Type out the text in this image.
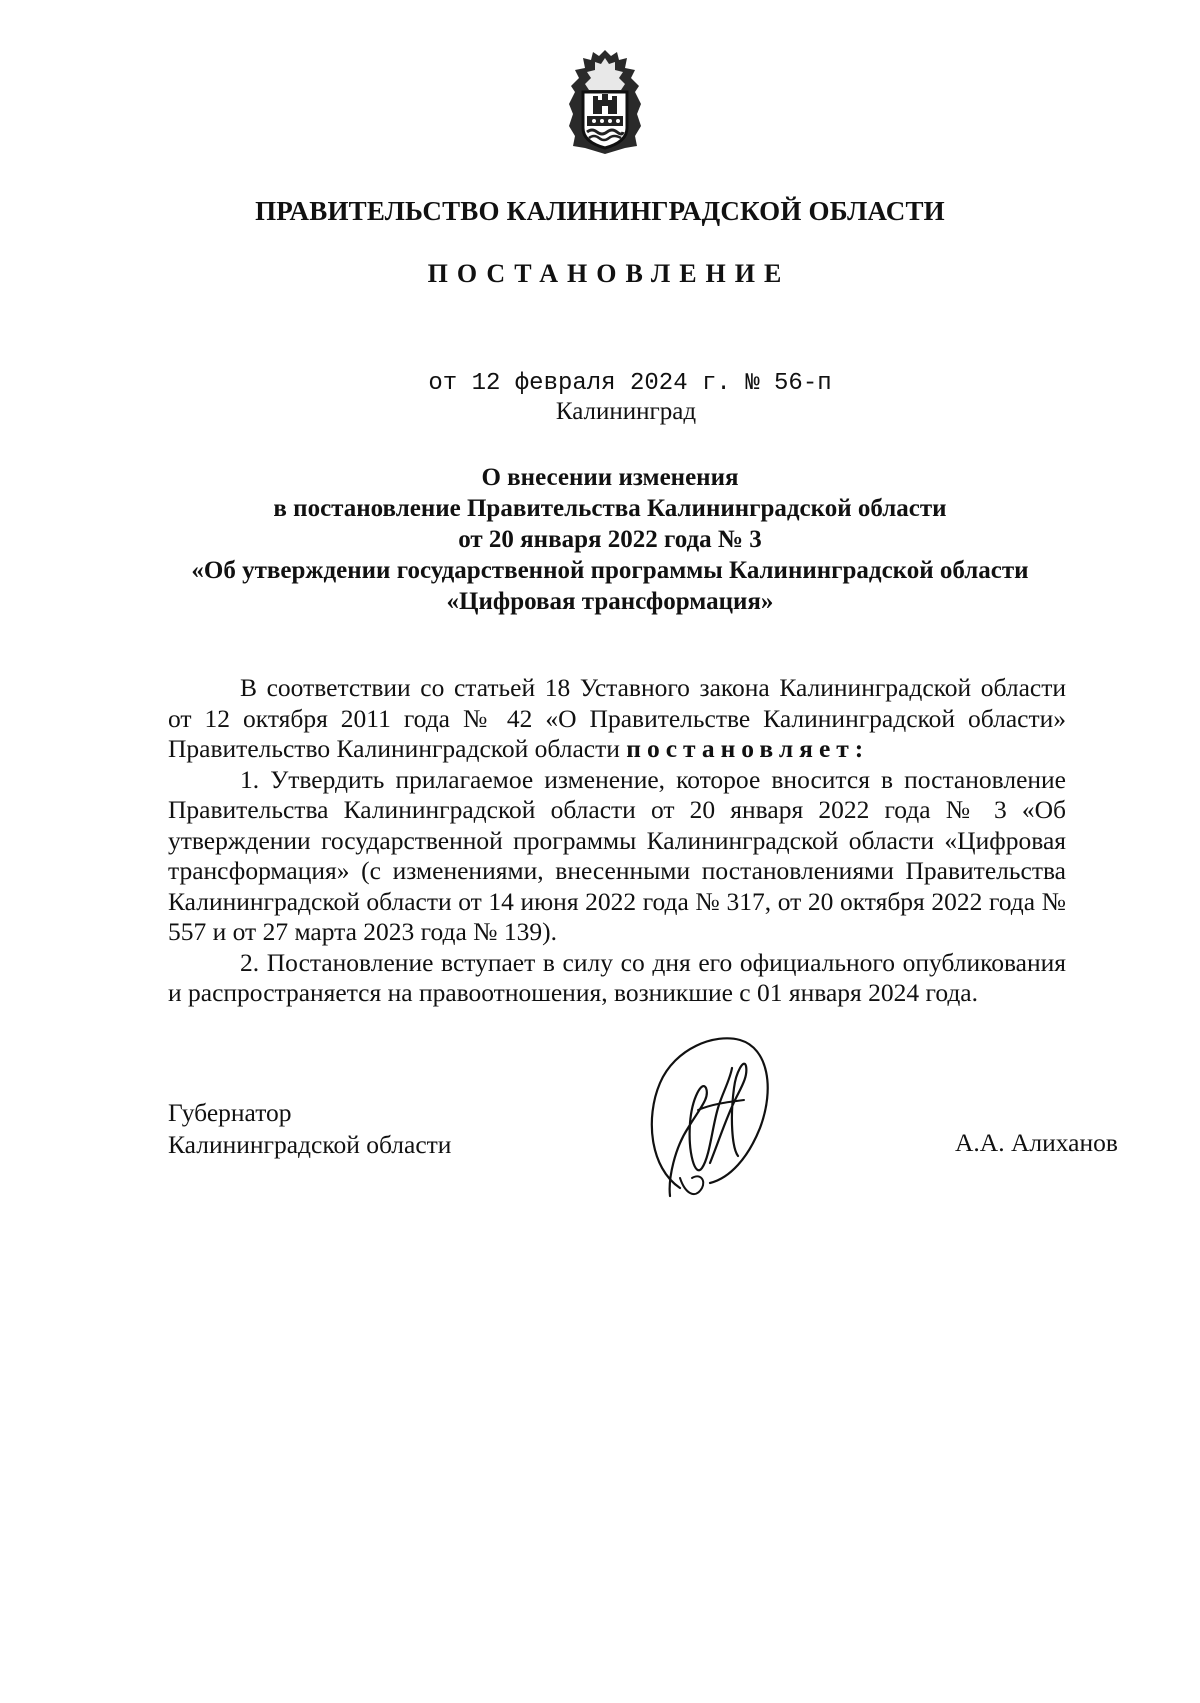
ПРАВИТЕЛЬСТВО КАЛИНИНГРАДСКОЙ ОБЛАСТИ
ПОСТАНОВЛЕНИЕ
от 12 февраля 2024 г. № 56-п
Калининград
О внесении изменения
в постановление Правительства Калининградской области
от 20 января 2022 года № 3
«Об утверждении государственной программы Калининградской области
«Цифровая трансформация»

В соответствии со статьей 18 Уставного закона Калининградской области от 12 октября 2011 года № 42 «О Правительстве Калининградской области» Правительство Калининградской области постановляет:

1. Утвердить прилагаемое изменение, которое вносится в постановление Правительства Калининградской области от 20 января 2022 года № 3 «Об утверждении государственной программы Калининградской области «Цифровая трансформация» (с изменениями, внесенными постановлениями Правительства Калининградской области от 14 июня 2022 года № 317, от 20 октября 2022 года № 557 и от 27 марта 2023 года № 139).

2. Постановление вступает в силу со дня его официального опубликования и распространяется на правоотношения, возникшие с 01 января 2024 года.

Губернатор
Калининградской области	А.А. Алиханов
